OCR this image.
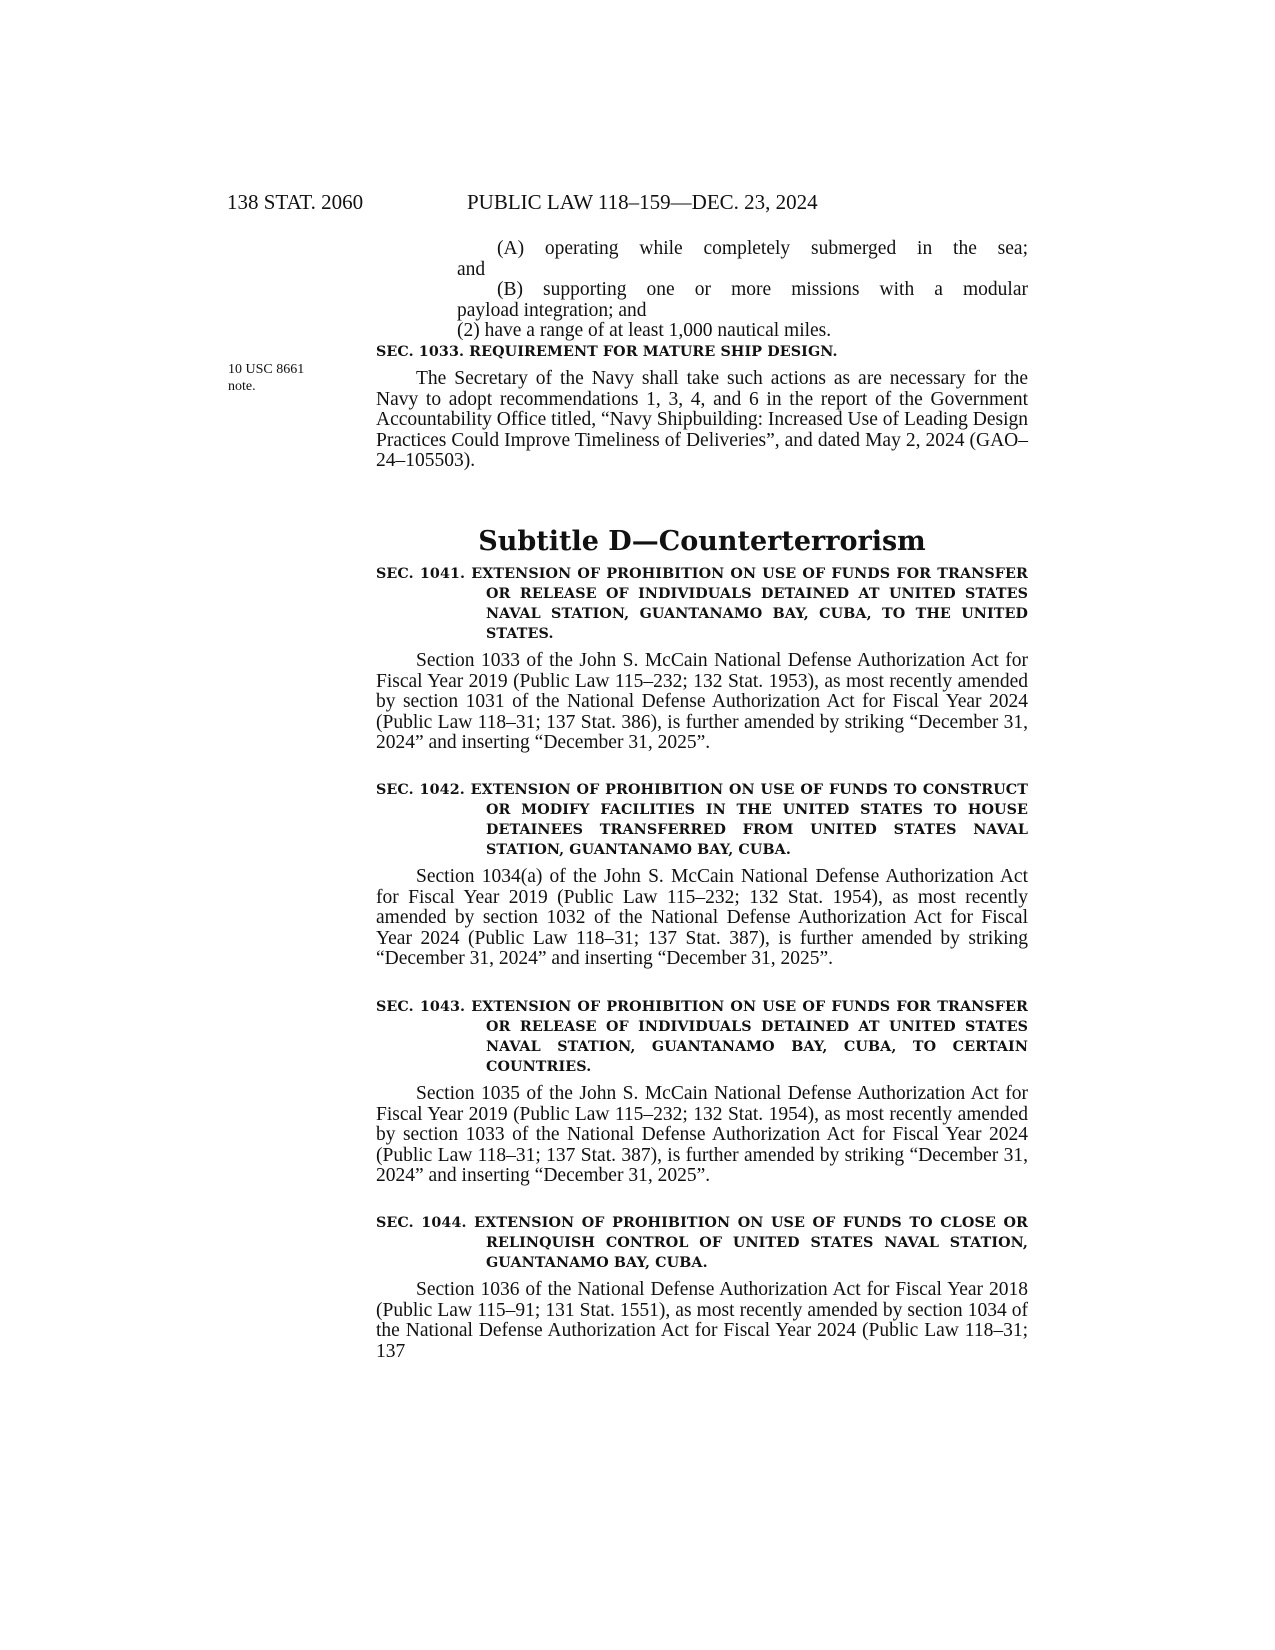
138 STAT. 2060	PUBLIC LAW 118–159—DEC. 23, 2024

(A) operating while completely submerged in the sea;

and

(B) supporting one or more missions with a modular

payload integration; and

(2) have a range of at least 1,000 nautical miles.

10 USC 8661
note.
SEC. 1033. REQUIREMENT FOR MATURE SHIP DESIGN.

The Secretary of the Navy shall take such actions as are necessary for the Navy to adopt recommendations 1, 3, 4, and 6 in the report of the Government Accountability Office titled, “Navy Shipbuilding: Increased Use of Leading Design Practices Could Improve Timeliness of Deliveries”, and dated May 2, 2024 (GAO–24–105503).

Subtitle D—Counterterrorism
SEC. 1041. EXTENSION OF PROHIBITION ON USE OF FUNDS FOR TRANSFER OR RELEASE OF INDIVIDUALS DETAINED AT UNITED STATES NAVAL STATION, GUANTANAMO BAY, CUBA, TO THE UNITED STATES.

Section 1033 of the John S. McCain National Defense Authorization Act for Fiscal Year 2019 (Public Law 115–232; 132 Stat. 1953), as most recently amended by section 1031 of the National Defense Authorization Act for Fiscal Year 2024 (Public Law 118–31; 137 Stat. 386), is further amended by striking “December 31, 2024” and inserting “December 31, 2025”.

SEC. 1042. EXTENSION OF PROHIBITION ON USE OF FUNDS TO CONSTRUCT OR MODIFY FACILITIES IN THE UNITED STATES TO HOUSE DETAINEES TRANSFERRED FROM UNITED STATES NAVAL STATION, GUANTANAMO BAY, CUBA.

Section 1034(a) of the John S. McCain National Defense Authorization Act for Fiscal Year 2019 (Public Law 115–232; 132 Stat. 1954), as most recently amended by section 1032 of the National Defense Authorization Act for Fiscal Year 2024 (Public Law 118–31; 137 Stat. 387), is further amended by striking “December 31, 2024” and inserting “December 31, 2025”.

SEC. 1043. EXTENSION OF PROHIBITION ON USE OF FUNDS FOR TRANSFER OR RELEASE OF INDIVIDUALS DETAINED AT UNITED STATES NAVAL STATION, GUANTANAMO BAY, CUBA, TO CERTAIN COUNTRIES.

Section 1035 of the John S. McCain National Defense Authorization Act for Fiscal Year 2019 (Public Law 115–232; 132 Stat. 1954), as most recently amended by section 1033 of the National Defense Authorization Act for Fiscal Year 2024 (Public Law 118–31; 137 Stat. 387), is further amended by striking “December 31, 2024” and inserting “December 31, 2025”.

SEC. 1044. EXTENSION OF PROHIBITION ON USE OF FUNDS TO CLOSE OR RELINQUISH CONTROL OF UNITED STATES NAVAL STATION, GUANTANAMO BAY, CUBA.

Section 1036 of the National Defense Authorization Act for Fiscal Year 2018 (Public Law 115–91; 131 Stat. 1551), as most recently amended by section 1034 of the National Defense Authorization Act for Fiscal Year 2024 (Public Law 118–31; 137
